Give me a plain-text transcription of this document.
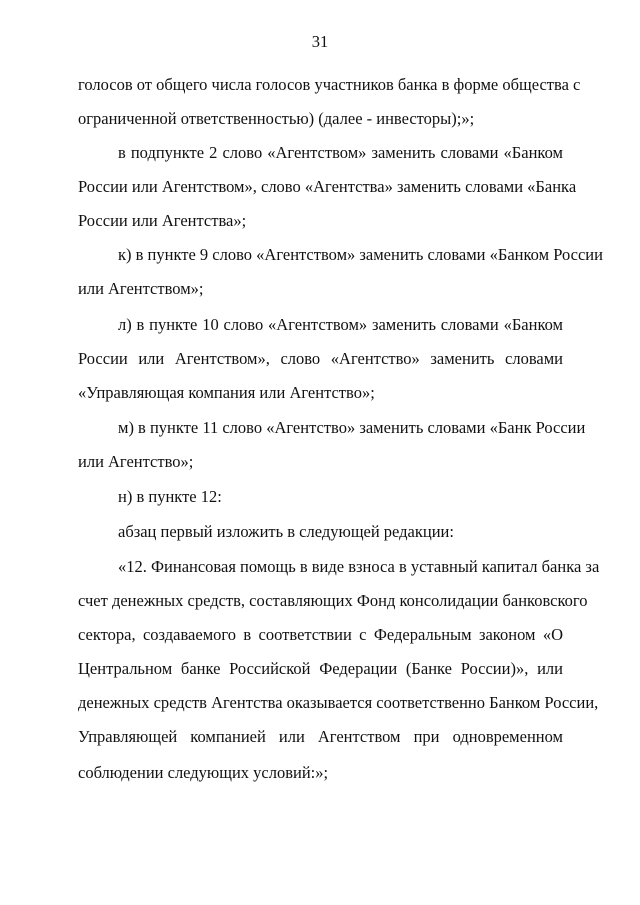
31
голосов от общего числа голосов участников банка в форме общества с
ограниченной ответственностью) (далее - инвесторы);»;
в подпункте 2 слово «Агентством» заменить словами «Банком
России или Агентством», слово «Агентства» заменить словами «Банка
России или Агентства»;
к) в пункте 9 слово «Агентством» заменить словами «Банком России
или Агентством»;
л) в пункте 10 слово «Агентством» заменить словами «Банком
России или Агентством», слово «Агентство» заменить словами
«Управляющая компания или Агентство»;
м) в пункте 11 слово «Агентство» заменить словами «Банк России
или Агентство»;
н) в пункте 12:
абзац первый изложить в следующей редакции:
«12. Финансовая помощь в виде взноса в уставный капитал банка за
счет денежных средств, составляющих Фонд консолидации банковского
сектора, создаваемого в соответствии с Федеральным законом «О
Центральном банке Российской Федерации (Банке России)», или
денежных средств Агентства оказывается соответственно Банком России,
Управляющей компанией или Агентством при одновременном
соблюдении следующих условий:»;
